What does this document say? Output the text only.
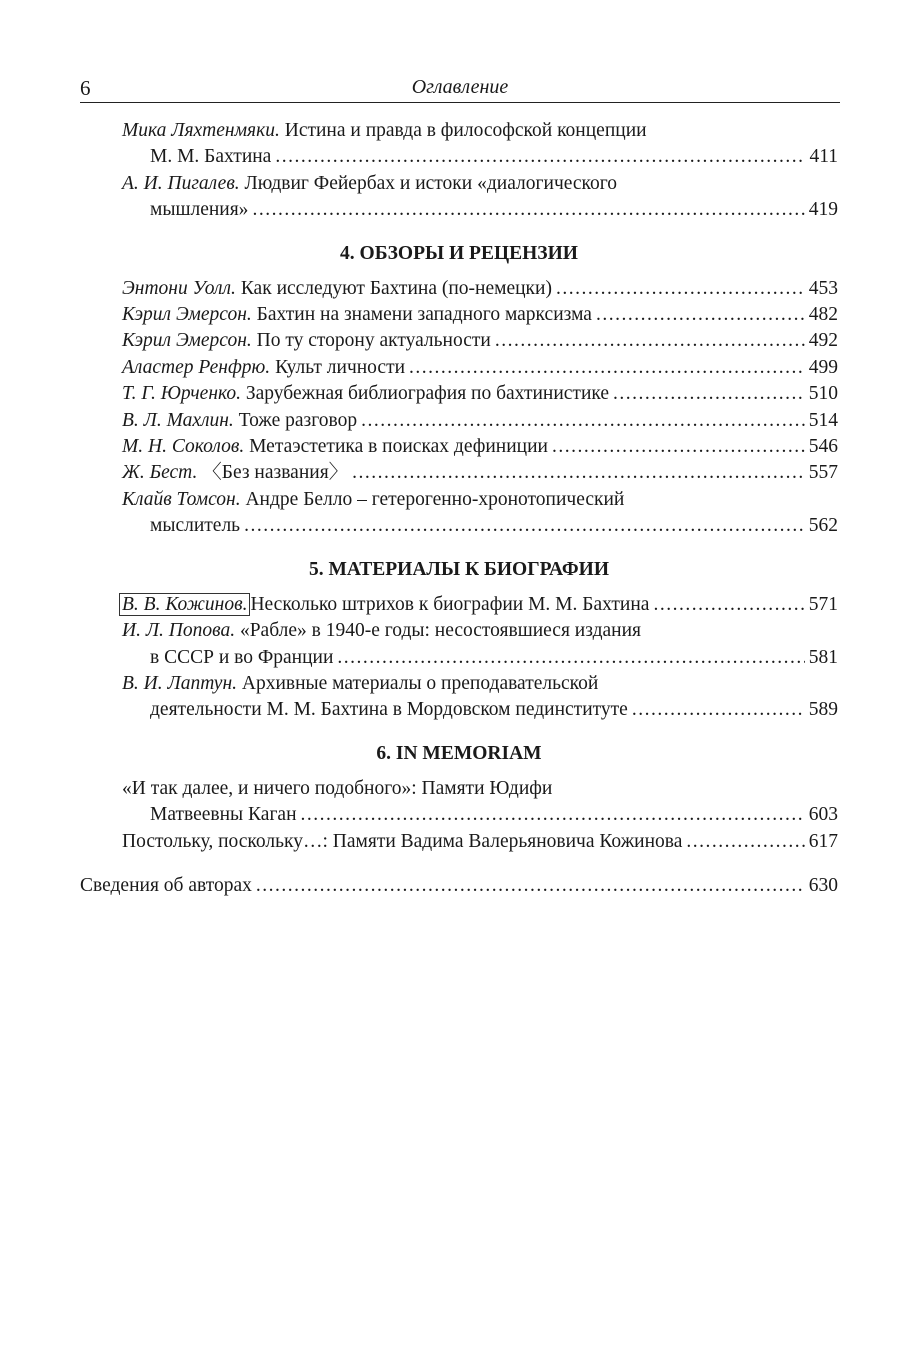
6	Оглавление
Мика Ляхтенмяки. Истина и правда в философской концепции
М. М. Бахтина .....	411
А. И. Пигалев. Людвиг Фейербах и истоки «диалогического
мышления» .....	419
4. ОБЗОРЫ И РЕЦЕНЗИИ
Энтони Уолл. Как исследуют Бахтина (по-немецки) .....	453
Кэрил Эмерсон. Бахтин на знамени западного марксизма .....	482
Кэрил Эмерсон. По ту сторону актуальности .....	492
Аластер Ренфрю. Культ личности .....	499
Т. Г. Юрченко. Зарубежная библиография по бахтинистике .....	510
В. Л. Махлин. Тоже разговор .....	514
М. Н. Соколов. Метаэстетика в поисках дефиниции .....	546
Ж. Бест. 〈Без названия〉 .....	557
Клайв Томсон. Андре Белло – гетерогенно-хронотопический
мыслитель .....	562
5. МАТЕРИАЛЫ К БИОГРАФИИ
В. В. Кожинов. Несколько штрихов к биографии М. М. Бахтина .....	571
И. Л. Попова. «Рабле» в 1940-е годы: несостоявшиеся издания
в СССР и во Франции .....	581
В. И. Лаптун. Архивные материалы о преподавательской
деятельности М. М. Бахтина в Мордовском пединституте .....	589
6. IN MEMORIAM
«И так далее, и ничего подобного»: Памяти Юдифи
Матвеевны Каган .....	603
Постольку, поскольку…: Памяти Вадима Валерьяновича Кожинова .....	617
Сведения об авторах .....	630
